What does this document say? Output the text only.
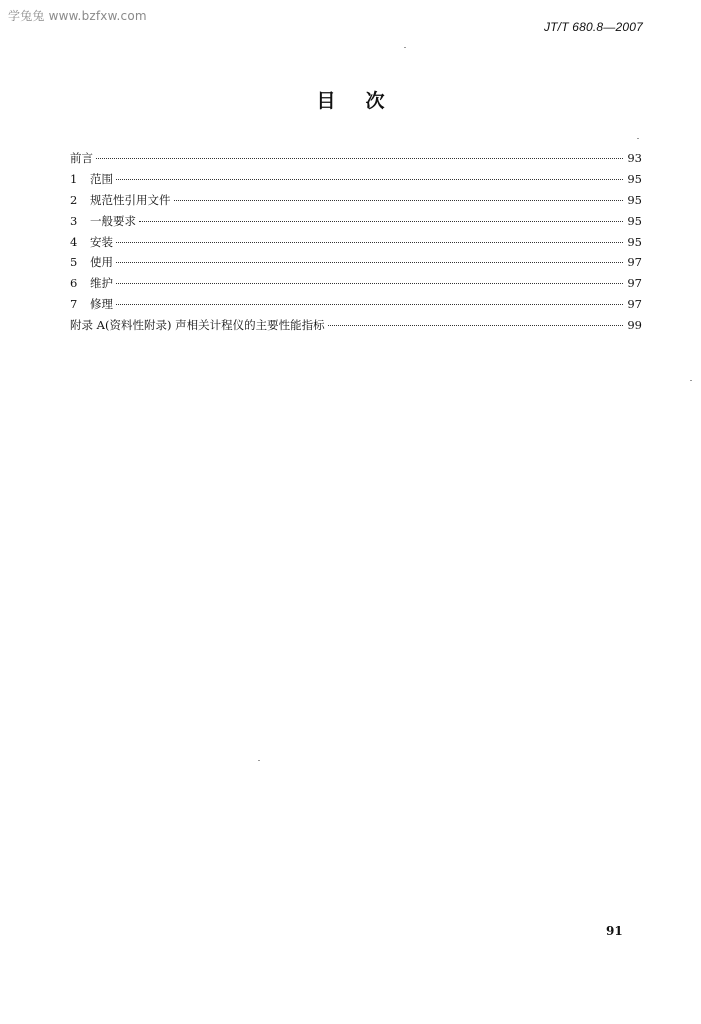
学兔兔 www.bzfxw.com
JT/T 680.8—2007
目次
前言	93
1	范围	95
2	规范性引用文件	95
3	一般要求	95
4	安装	95
5	使用	97
6	维护	97
7	修理	97
附录 A(资料性附录) 声相关计程仪的主要性能指标	99
91
